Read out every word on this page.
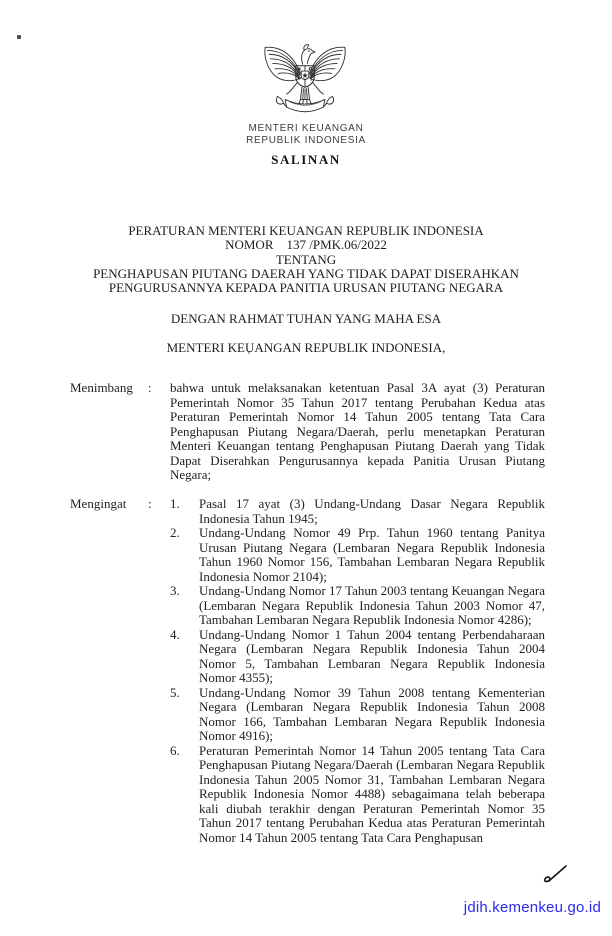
MENTERI KEUANGAN
REPUBLIK INDONESIA
SALINAN
PERATURAN MENTERI KEUANGAN REPUBLIK INDONESIA
NOMOR    137 /PMK.06/2022
TENTANG
PENGHAPUSAN PIUTANG DAERAH YANG TIDAK DAPAT DISERAHKAN
PENGURUSANNYA KEPADA PANITIA URUSAN PIUTANG NEGARA
DENGAN RAHMAT TUHAN YANG MAHA ESA
MENTERI KEUANGAN REPUBLIK INDONESIA,
Menimbang	:	bahwa untuk melaksanakan ketentuan Pasal 3A ayat (3) Peraturan Pemerintah Nomor 35 Tahun 2017 tentang Perubahan Kedua atas Peraturan Pemerintah Nomor 14 Tahun 2005 tentang Tata Cara Penghapusan Piutang Negara/Daerah, perlu menetapkan Peraturan Menteri Keuangan tentang Penghapusan Piutang Daerah yang Tidak Dapat Diserahkan Pengurusannya kepada Panitia Urusan Piutang Negara;
Mengingat	:	1.	Pasal 17 ayat (3) Undang-Undang Dasar Negara Republik Indonesia Tahun 1945;
2.	Undang-Undang Nomor 49 Prp. Tahun 1960 tentang Panitya Urusan Piutang Negara (Lembaran Negara Republik Indonesia Tahun 1960 Nomor 156, Tambahan Lembaran Negara Republik Indonesia Nomor 2104);
3.	Undang-Undang Nomor 17 Tahun 2003 tentang Keuangan Negara (Lembaran Negara Republik Indonesia Tahun 2003 Nomor 47, Tambahan Lembaran Negara Republik Indonesia Nomor 4286);
4.	Undang-Undang Nomor 1 Tahun 2004 tentang Perbendaharaan Negara (Lembaran Negara Republik Indonesia Tahun 2004 Nomor 5, Tambahan Lembaran Negara Republik Indonesia Nomor 4355);
5.	Undang-Undang Nomor 39 Tahun 2008 tentang Kementerian Negara (Lembaran Negara Republik Indonesia Tahun 2008 Nomor 166, Tambahan Lembaran Negara Republik Indonesia Nomor 4916);
6.	Peraturan Pemerintah Nomor 14 Tahun 2005 tentang Tata Cara Penghapusan Piutang Negara/Daerah (Lembaran Negara Republik Indonesia Tahun 2005 Nomor 31, Tambahan Lembaran Negara Republik Indonesia Nomor 4488) sebagaimana telah beberapa kali diubah terakhir dengan Peraturan Pemerintah Nomor 35 Tahun 2017 tentang Perubahan Kedua atas Peraturan Pemerintah Nomor 14 Tahun 2005 tentang Tata Cara Penghapusan
jdih.kemenkeu.go.id
